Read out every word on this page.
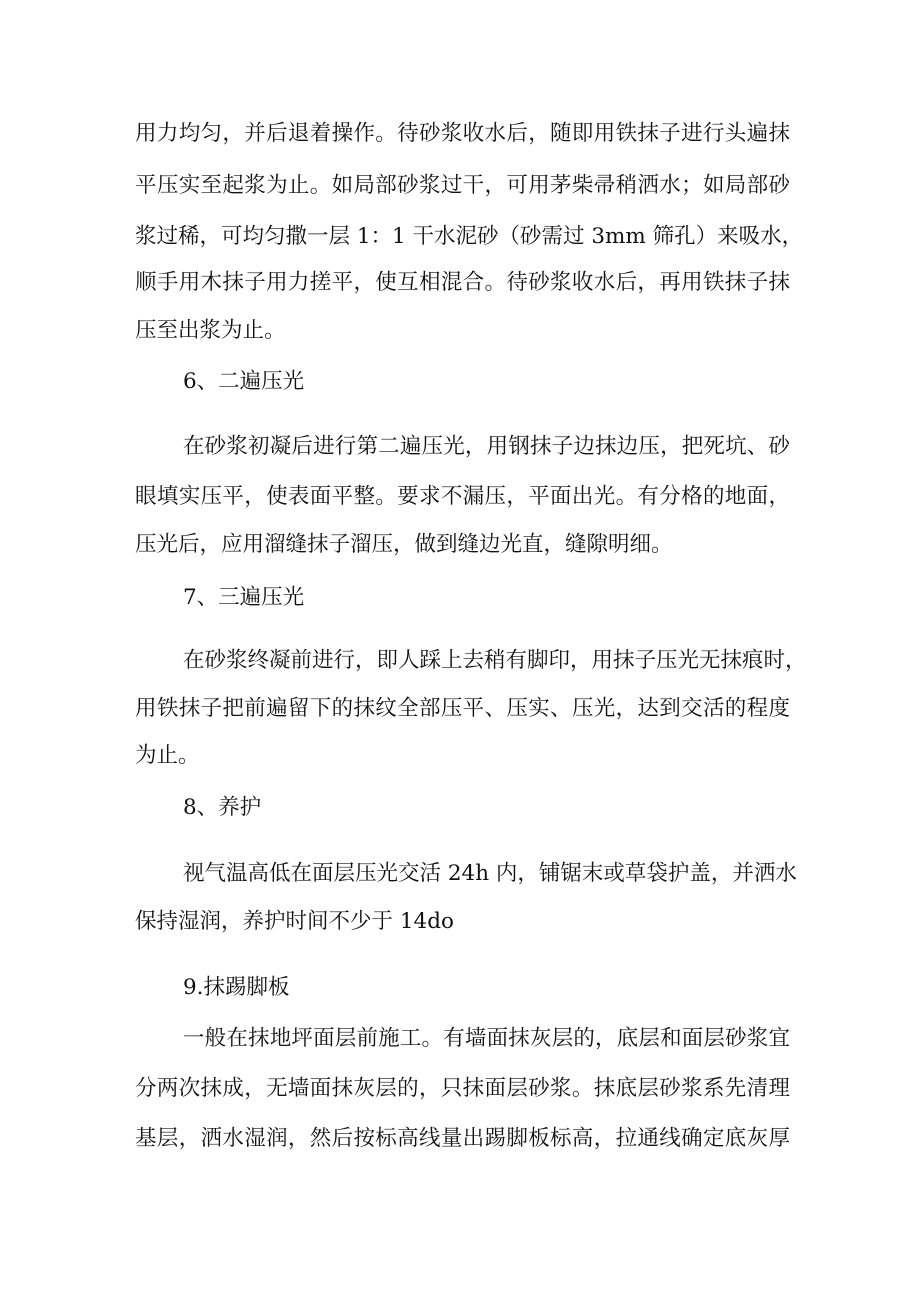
用力均匀，并后退着操作。待砂浆收水后，随即用铁抹子进行头遍抹
平压实至起浆为止。如局部砂浆过干，可用茅柴帚稍洒水；如局部砂
浆过稀，可均匀撒一层 1：1 干水泥砂（砂需过 3mm 筛孔）来吸水，
顺手用木抹子用力搓平，使互相混合。待砂浆收水后，再用铁抹子抹
压至出浆为止。
6、二遍压光
在砂浆初凝后进行第二遍压光，用钢抹子边抹边压，把死坑、砂
眼填实压平，使表面平整。要求不漏压，平面出光。有分格的地面，
压光后，应用溜缝抹子溜压，做到缝边光直，缝隙明细。
7、三遍压光
在砂浆终凝前进行，即人踩上去稍有脚印，用抹子压光无抹痕时，
用铁抹子把前遍留下的抹纹全部压平、压实、压光，达到交活的程度
为止。
8、养护
视气温高低在面层压光交活 24h 内，铺锯末或草袋护盖，并洒水
保持湿润，养护时间不少于 14do
9.抹踢脚板
一般在抹地坪面层前施工。有墙面抹灰层的，底层和面层砂浆宜
分两次抹成，无墙面抹灰层的，只抹面层砂浆。抹底层砂浆系先清理
基层，洒水湿润，然后按标高线量出踢脚板标高，拉通线确定底灰厚
